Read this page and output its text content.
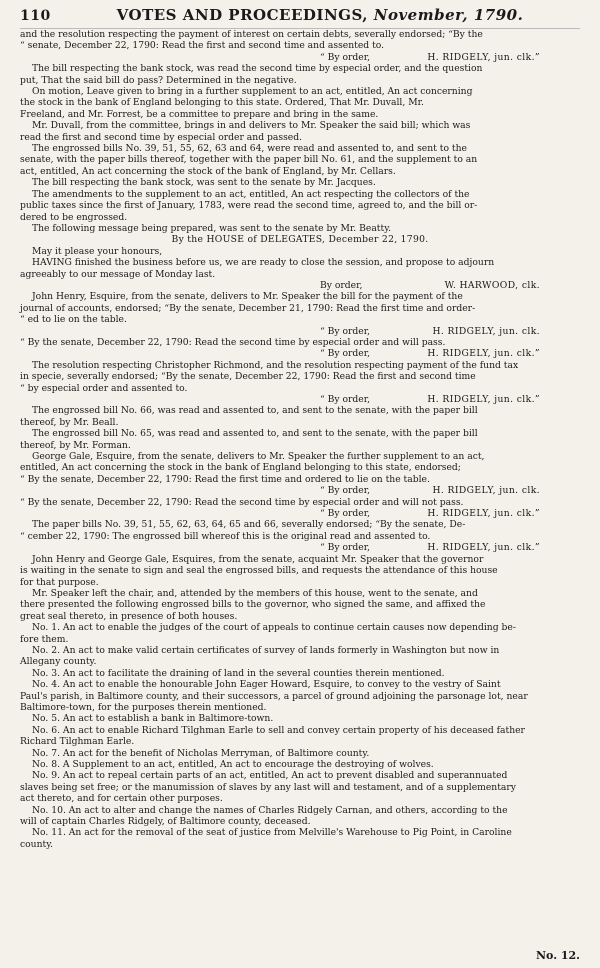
110	VOTES AND PROCEEDINGS, November, 1790.

and the resolution respecting the payment of interest on certain debts, severally endorsed; “By the

“ senate, December 22, 1790: Read the first and second time and assented to.

“ By order,	H. RIDGELY, jun. clk.”

The bill respecting the bank stock, was read the second time by especial order, and the question

put, That the said bill do pass? Determined in the negative.

On motion, Leave given to bring in a further supplement to an act, entitled, An act concerning

the stock in the bank of England belonging to this state. Ordered, That Mr. Duvall, Mr.

Freeland, and Mr. Forrest, be a committee to prepare and bring in the same.

Mr. Duvall, from the committee, brings in and delivers to Mr. Speaker the said bill; which was

read the first and second time by especial order and passed.

The engrossed bills No. 39, 51, 55, 62, 63 and 64, were read and assented to, and sent to the

senate, with the paper bills thereof, together with the paper bill No. 61, and the supplement to an

act, entitled, An act concerning the stock of the bank of England, by Mr. Cellars.

The bill respecting the bank stock, was sent to the senate by Mr. Jacques.

The amendments to the supplement to an act, entitled, An act respecting the collectors of the

public taxes since the first of January, 1783, were read the second time, agreed to, and the bill or-

dered to be engrossed.

The following message being prepared, was sent to the senate by Mr. Beatty.

By the HOUSE of DELEGATES, December 22, 1790.

May it please your honours,

HAVING finished the business before us, we are ready to close the session, and propose to adjourn

agreeably to our message of Monday last.

By order,	W. HARWOOD, clk.

John Henry, Esquire, from the senate, delivers to Mr. Speaker the bill for the payment of the

journal of accounts, endorsed; “By the senate, December 21, 1790: Read the first time and order-

“ ed to lie on the table.

“ By order,	H. RIDGELY, jun. clk.

“ By the senate, December 22, 1790: Read the second time by especial order and will pass.

“ By order,	H. RIDGELY, jun. clk.”

The resolution respecting Christopher Richmond, and the resolution respecting payment of the fund tax

in specie, severally endorsed; “By the senate, December 22, 1790: Read the first and second time

“ by especial order and assented to.

“ By order,	H. RIDGELY, jun. clk.”

The engrossed bill No. 66, was read and assented to, and sent to the senate, with the paper bill

thereof, by Mr. Beall.

The engrossed bill No. 65, was read and assented to, and sent to the senate, with the paper bill

thereof, by Mr. Forman.

George Gale, Esquire, from the senate, delivers to Mr. Speaker the further supplement to an act,

entitled, An act concerning the stock in the bank of England belonging to this state, endorsed;

“ By the senate, December 22, 1790: Read the first time and ordered to lie on the table.

“ By order,	H. RIDGELY, jun. clk.

“ By the senate, December 22, 1790: Read the second time by especial order and will not pass.

“ By order,	H. RIDGELY, jun. clk.”

The paper bills No. 39, 51, 55, 62, 63, 64, 65 and 66, severally endorsed; “By the senate, De-

“ cember 22, 1790: The engrossed bill whereof this is the original read and assented to.

“ By order,	H. RIDGELY, jun. clk.”

John Henry and George Gale, Esquires, from the senate, acquaint Mr. Speaker that the governor

is waiting in the senate to sign and seal the engrossed bills, and requests the attendance of this house

for that purpose.

Mr. Speaker left the chair, and, attended by the members of this house, went to the senate, and

there presented the following engrossed bills to the governor, who signed the same, and affixed the

great seal thereto, in presence of both houses.

No. 1. An act to enable the judges of the court of appeals to continue certain causes now depending be-

fore them.

No. 2. An act to make valid certain certificates of survey of lands formerly in Washington but now in

Allegany county.

No. 3. An act to facilitate the draining of land in the several counties therein mentioned.

No. 4. An act to enable the honourable John Eager Howard, Esquire, to convey to the vestry of Saint

Paul's parish, in Baltimore county, and their successors, a parcel of ground adjoining the parsonage lot, near

Baltimore-town, for the purposes therein mentioned.

No. 5. An act to establish a bank in Baltimore-town.

No. 6. An act to enable Richard Tilghman Earle to sell and convey certain property of his deceased father

Richard Tilghman Earle.

No. 7. An act for the benefit of Nicholas Merryman, of Baltimore county.

No. 8. A Supplement to an act, entitled, An act to encourage the destroying of wolves.

No. 9. An act to repeal certain parts of an act, entitled, An act to prevent disabled and superannuated

slaves being set free; or the manumission of slaves by any last will and testament, and of a supplementary

act thereto, and for certain other purposes.

No. 10. An act to alter and change the names of Charles Ridgely Carnan, and others, according to the

will of captain Charles Ridgely, of Baltimore county, deceased.

No. 11. An act for the removal of the seat of justice from Melville's Warehouse to Pig Point, in Caroline

county.

No. 12.
